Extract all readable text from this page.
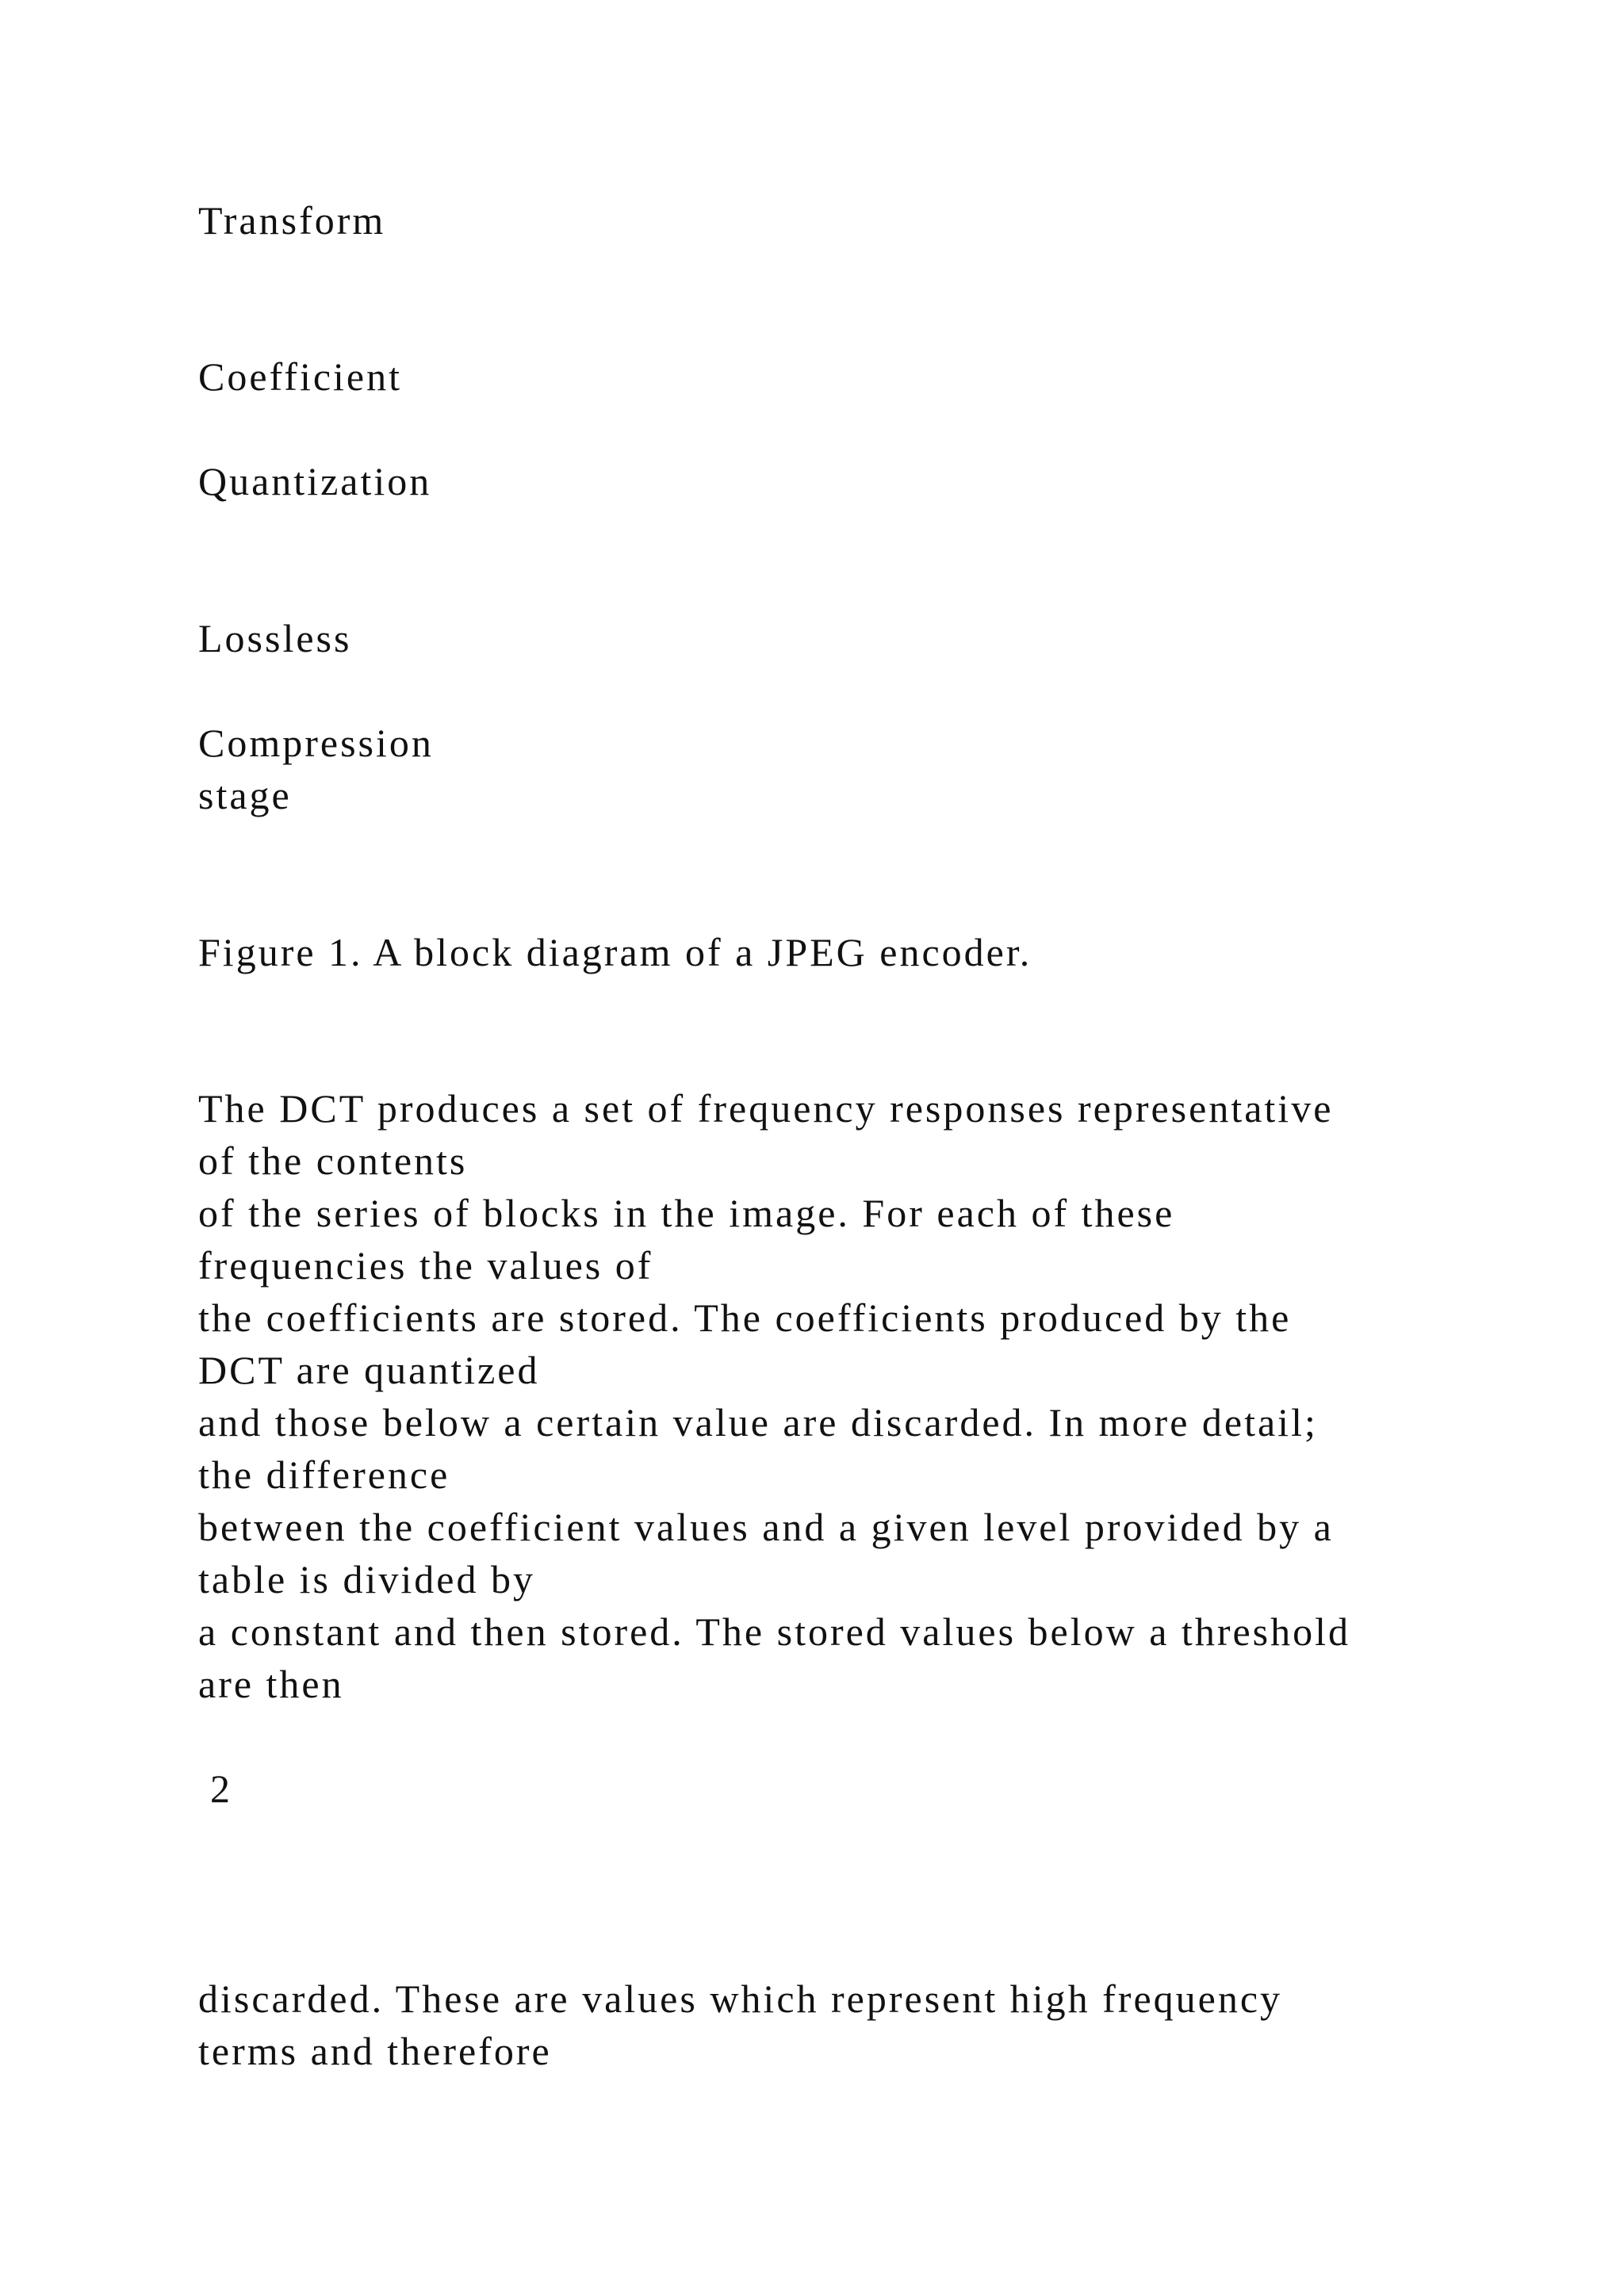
Transform

Coefficient

Quantization

Lossless

Compression

stage

Figure 1. A block diagram of a JPEG encoder.

The DCT produces a set of frequency responses representative

of the contents

of the series of blocks in the image. For each of these

frequencies the values of

the coefficients are stored. The coefficients produced by the

DCT are quantized

and those below a certain value are discarded. In more detail;

the difference

between the coefficient values and a given level provided by a

table is divided by

a constant and then stored. The stored values below a threshold

are then

2

discarded. These are values which represent high frequency

terms and therefore
